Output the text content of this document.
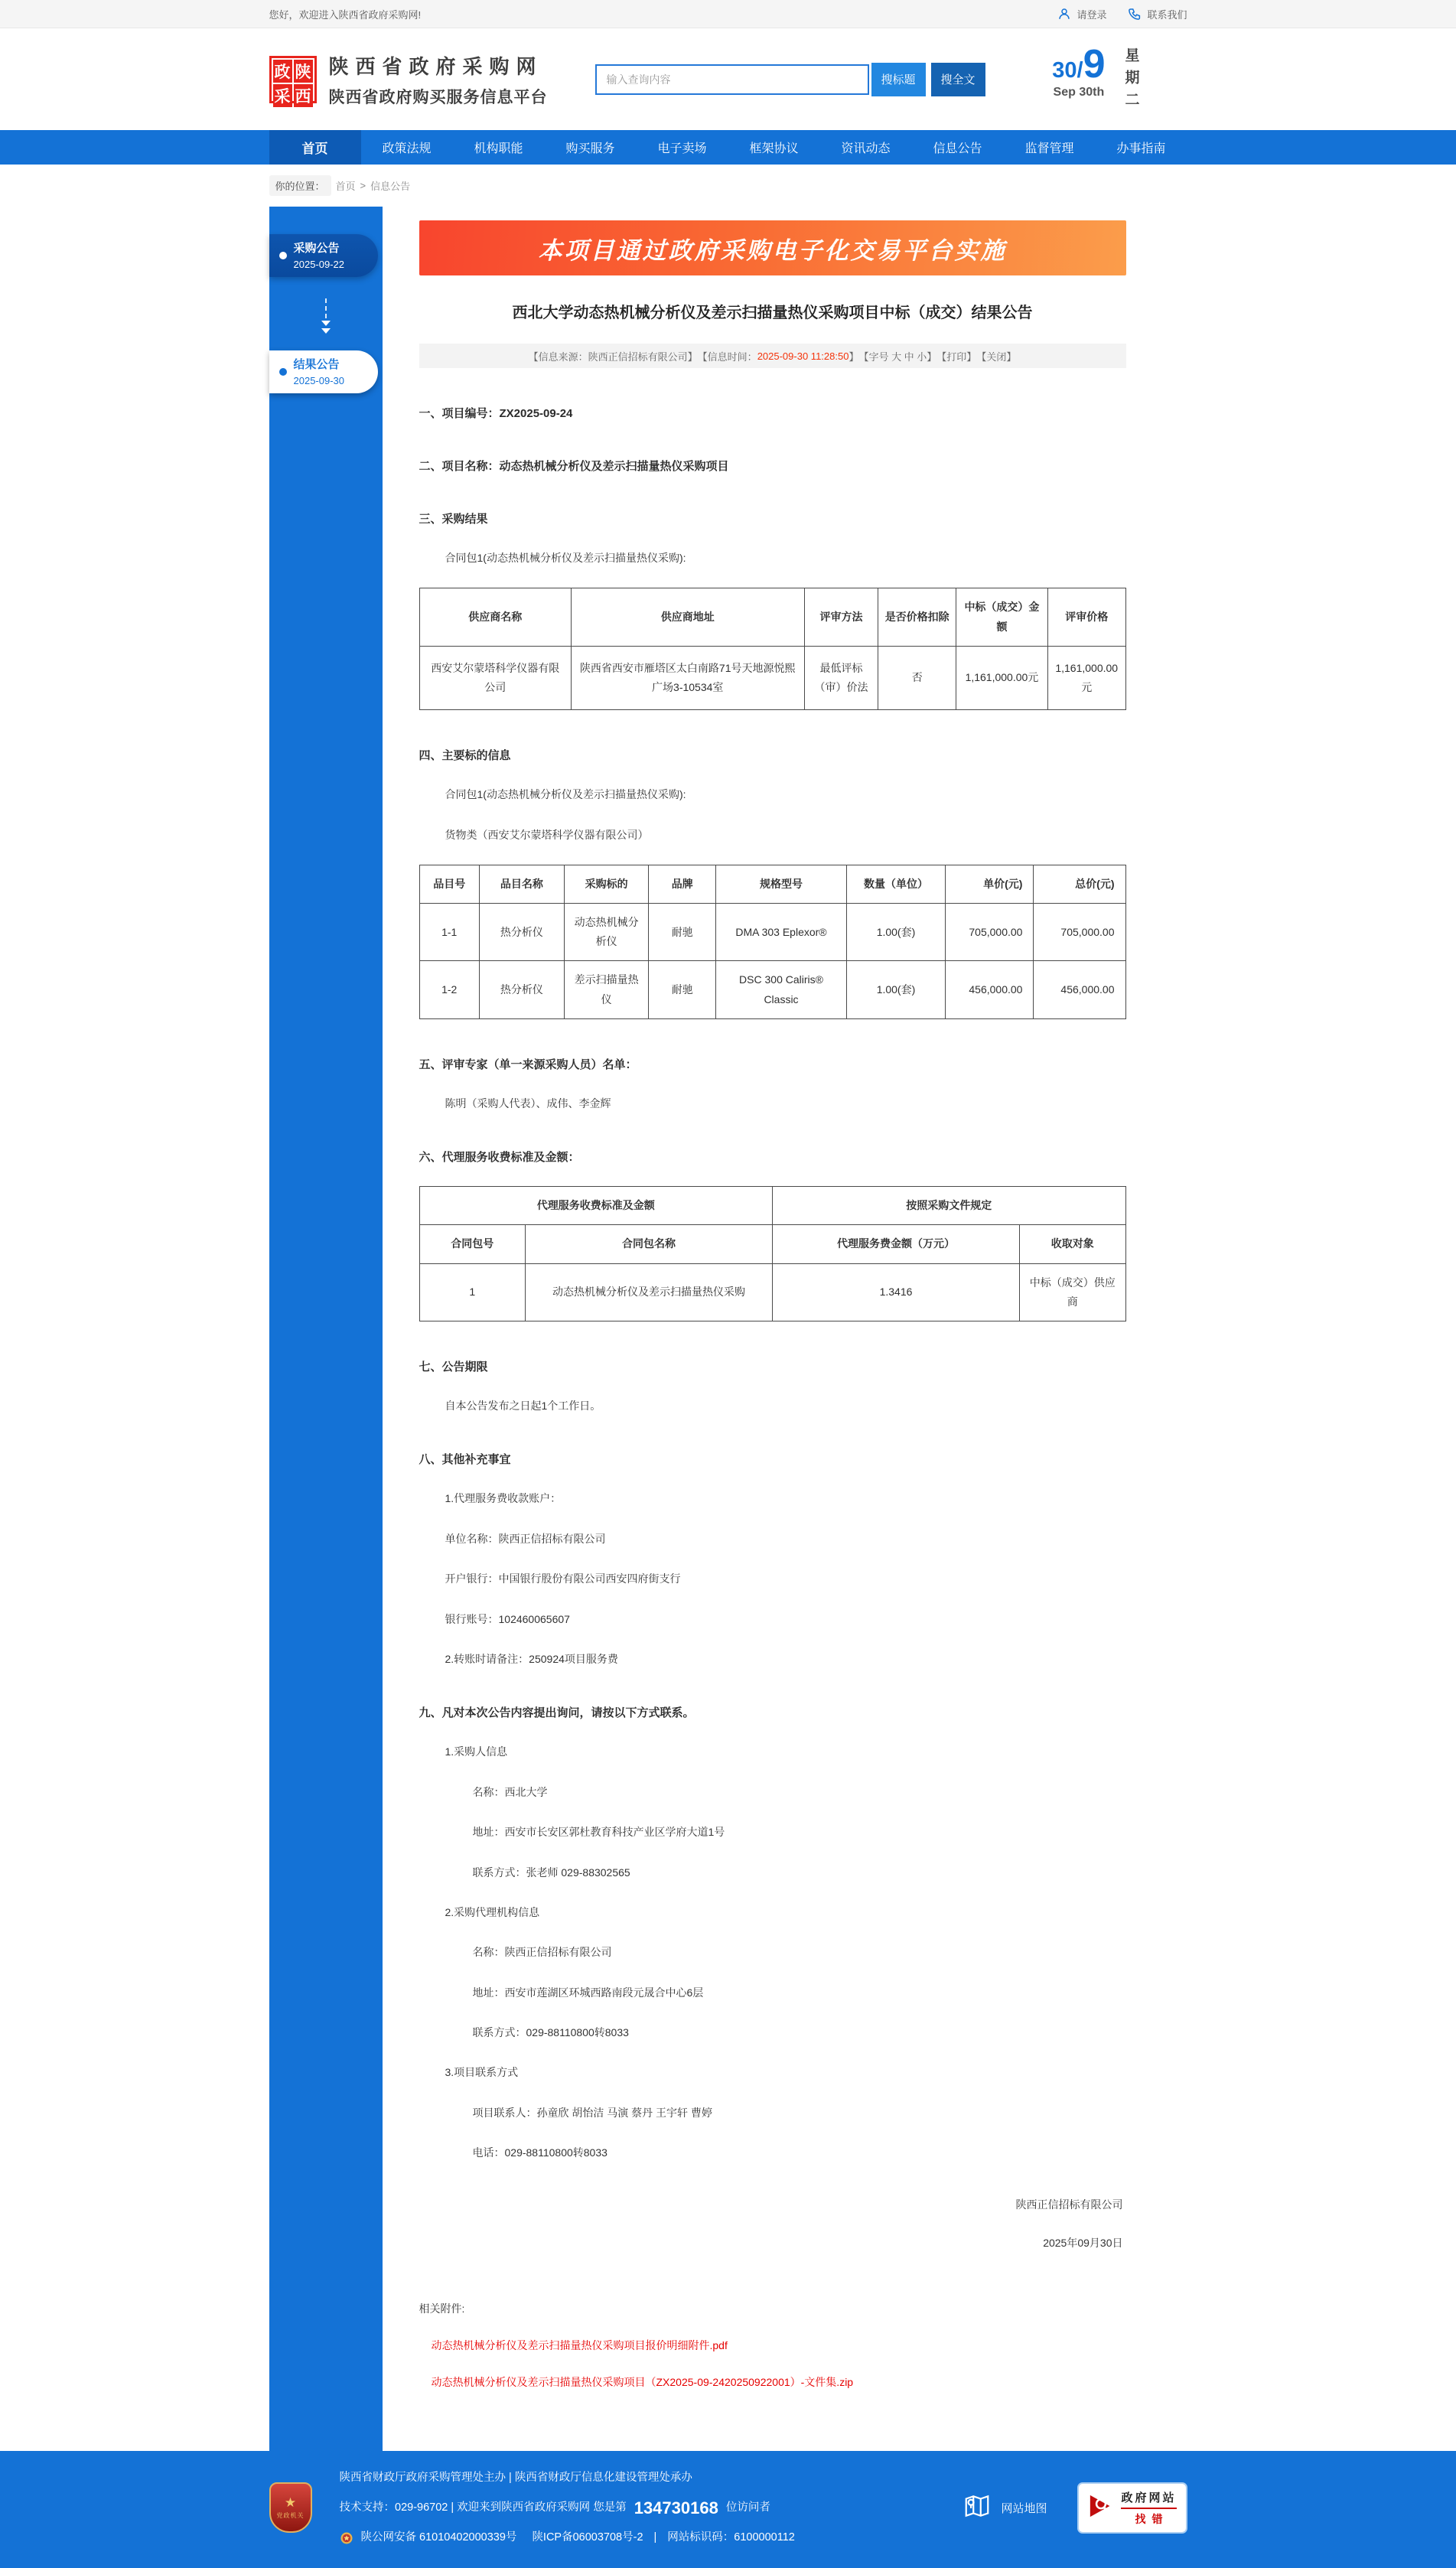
您好，欢迎进入陕西省政府采购网!	请登录	联系我们
政 陕
采 西
陕西省政府采购网
陕西省政府购买服务信息平台
输入查询内容
搜标题	搜全文	30/ 9
Sep 30th 星期二
首页	政策法规	机构职能	购买服务	电子卖场	框架协议	资讯动态	信息公告	监督管理	办事指南
你的位置：	首页 > 信息公告
采购公告
2025-09-22
结果公告
2025-09-30
本项目通过政府采购电子化交易平台实施
西北大学动态热机械分析仪及差示扫描量热仪采购项目中标（成交）结果公告
【信息来源：陕西正信招标有限公司】 【信息时间： 2025-09-30 11:28:50 】 【字号 大 中 小】 【打印】 【关闭】
一、项目编号：ZX2025-09-24
二、项目名称：动态热机械分析仪及差示扫描量热仪采购项目
三、采购结果
合同包1(动态热机械分析仪及差示扫描量热仪采购):
供应商名称	供应商地址	评审方法	是否价格扣除	中标（成交）金额	评审价格
西安艾尔蒙塔科学仪器有限公司	陕西省西安市雁塔区太白南路71号天地源悦熙广场3-10534室	最低评标（审）价法	否	1,161,000.00元	1,161,000.00元
四、主要标的信息
合同包1(动态热机械分析仪及差示扫描量热仪采购):
货物类（西安艾尔蒙塔科学仪器有限公司）
品目号	品目名称	采购标的	品牌	规格型号	数量（单位）	单价(元)	总价(元)
1-1	热分析仪	动态热机械分析仪	耐驰	DMA 303 Eplexor®	1.00(套)	705,000.00	705,000.00
1-2	热分析仪	差示扫描量热仪	耐驰	DSC 300 Caliris® Classic	1.00(套)	456,000.00	456,000.00
五、评审专家（单一来源采购人员）名单：
陈明（采购人代表）、成伟、李金辉
六、代理服务收费标准及金额：
代理服务收费标准及金额		按照采购文件规定	
合同包号	合同包名称	代理服务费金额（万元）	收取对象
1	动态热机械分析仪及差示扫描量热仪采购	1.3416	中标（成交）供应商
七、公告期限
自本公告发布之日起1个工作日。
八、其他补充事宜
1.代理服务费收款账户：
单位名称：陕西正信招标有限公司
开户银行：中国银行股份有限公司西安四府街支行
银行账号：102460065607
2.转账时请备注：250924项目服务费
九、凡对本次公告内容提出询问，请按以下方式联系。
1.采购人信息
名称：西北大学
地址：西安市长安区郭杜教育科技产业区学府大道1号
联系方式：张老师 029-88302565
2.采购代理机构信息
名称：陕西正信招标有限公司
地址：西安市莲湖区环城西路南段元晟合中心6层
联系方式：029-88110800转8033
3.项目联系方式
项目联系人：孙童欣 胡怡洁 马演 蔡丹 王宇轩 曹婷
电话：029-88110800转8033
陕西正信招标有限公司
2025年09月30日
相关附件:
动态热机械分析仪及差示扫描量热仪采购项目报价明细附件.pdf
动态热机械分析仪及差示扫描量热仪采购项目（ZX2025-09-2420250922001）-文件集.zip
★
党政机关
陕西省财政厅政府采购管理处主办 | 陕西省财政厅信息化建设管理处承办
技术支持：029-96702 | 欢迎来到陕西省政府采购网 您是第 134730168 位访问者
陕公网安备 61010402000339号 陕ICP备06003708号-2 | 网站标识码：6100000112
网站地图
政府网站
找错
